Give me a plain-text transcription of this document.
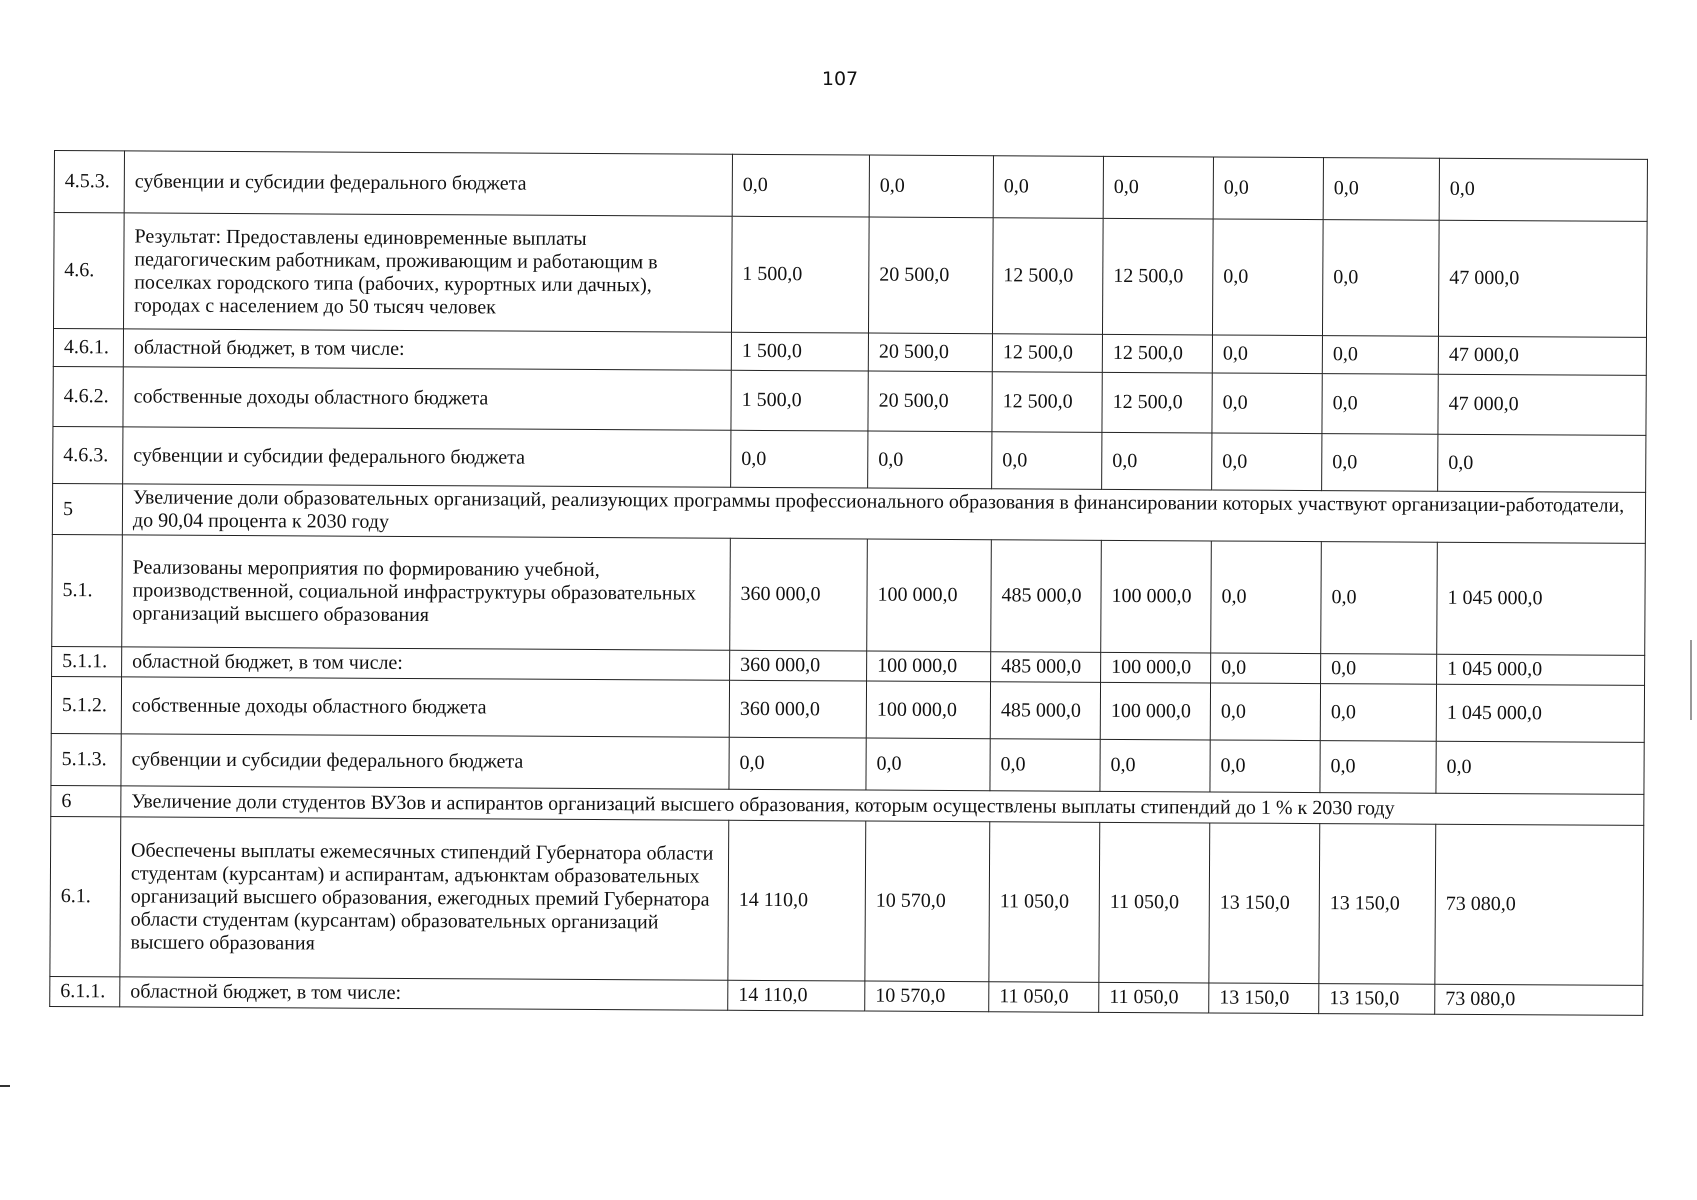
107
4.5.3.	субвенции и субсидии федерального бюджета	0,0	0,0	0,0	0,0	0,0	0,0	0,0
4.6.	Результат: Предоставлены единовременные выплаты педагогическим работникам, проживающим и работающим в поселках городского типа (рабочих, курортных или дачных), городах с населением до 50 тысяч человек	1 500,0	20 500,0	12 500,0	12 500,0	0,0	0,0	47 000,0
4.6.1.	областной бюджет, в том числе:	1 500,0	20 500,0	12 500,0	12 500,0	0,0	0,0	47 000,0
4.6.2.	собственные доходы областного бюджета	1 500,0	20 500,0	12 500,0	12 500,0	0,0	0,0	47 000,0
4.6.3.	субвенции и субсидии федерального бюджета	0,0	0,0	0,0	0,0	0,0	0,0	0,0
5	Увеличение доли образовательных организаций, реализующих программы профессионального образования в финансировании которых участвуют организации-работодатели, до 90,04 процента к 2030 году							
5.1.	Реализованы мероприятия по формированию учебной, производственной, социальной инфраструктуры образовательных организаций высшего образования	360 000,0	100 000,0	485 000,0	100 000,0	0,0	0,0	1 045 000,0
5.1.1.	областной бюджет, в том числе:	360 000,0	100 000,0	485 000,0	100 000,0	0,0	0,0	1 045 000,0
5.1.2.	собственные доходы областного бюджета	360 000,0	100 000,0	485 000,0	100 000,0	0,0	0,0	1 045 000,0
5.1.3.	субвенции и субсидии федерального бюджета	0,0	0,0	0,0	0,0	0,0	0,0	0,0
6	Увеличение доли студентов ВУЗов и аспирантов организаций высшего образования, которым осуществлены выплаты стипендий до 1 % к 2030 году							
6.1.	Обеспечены выплаты ежемесячных стипендий Губернатора области студентам (курсантам) и аспирантам, адъюнктам образовательных организаций высшего образования, ежегодных премий Губернатора области студентам (курсантам) образовательных организаций высшего образования	14 110,0	10 570,0	11 050,0	11 050,0	13 150,0	13 150,0	73 080,0
6.1.1.	областной бюджет, в том числе:	14 110,0	10 570,0	11 050,0	11 050,0	13 150,0	13 150,0	73 080,0
